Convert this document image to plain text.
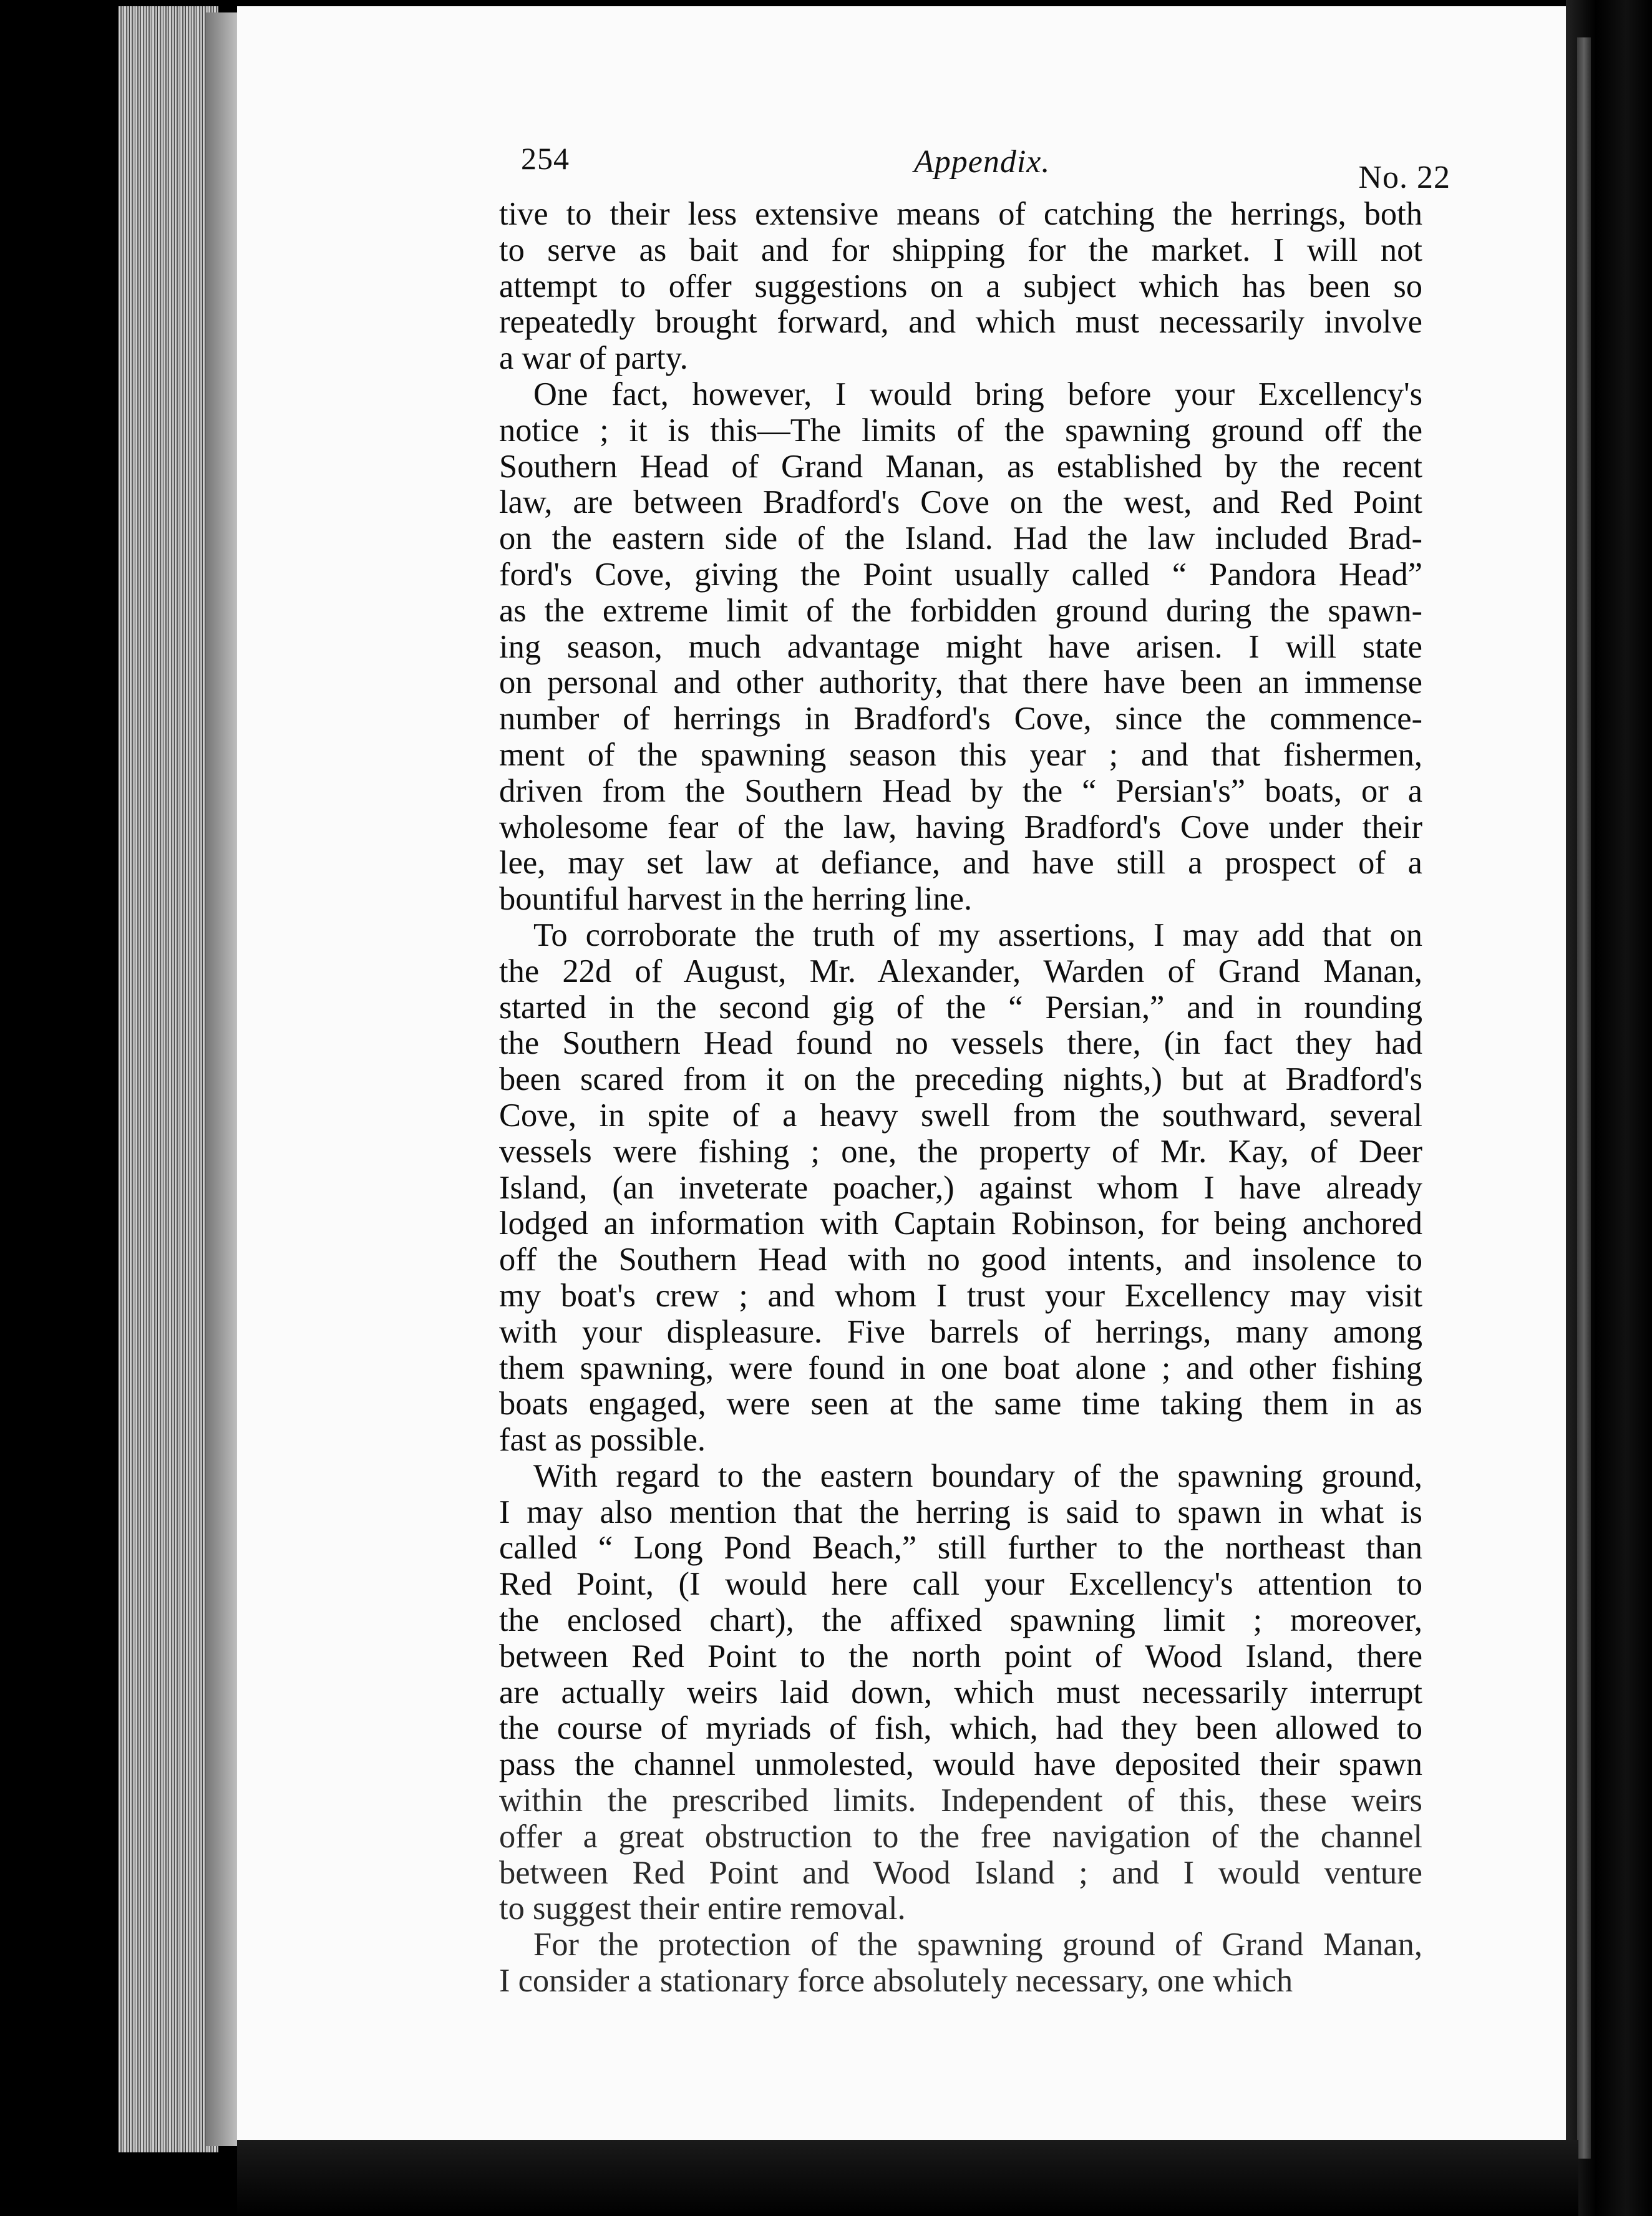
254	Appendix.	No. 22

tive to their less extensive means of catching the herrings, both
to serve as bait and for shipping for the market. I will not
attempt to offer suggestions on a subject which has been so
repeatedly brought forward, and which must necessarily involve
a war of party.

One fact, however, I would bring before your Excellency's
notice ; it is this—The limits of the spawning ground off the
Southern Head of Grand Manan, as established by the recent
law, are between Bradford's Cove on the west, and Red Point
on the eastern side of the Island. Had the law included Brad-
ford's Cove, giving the Point usually called “ Pandora Head”
as the extreme limit of the forbidden ground during the spawn-
ing season, much advantage might have arisen. I will state
on personal and other authority, that there have been an immense
number of herrings in Bradford's Cove, since the commence-
ment of the spawning season this year ; and that fishermen,
driven from the Southern Head by the “ Persian's” boats, or a
wholesome fear of the law, having Bradford's Cove under their
lee, may set law at defiance, and have still a prospect of a
bountiful harvest in the herring line.

To corroborate the truth of my assertions, I may add that on
the 22d of August, Mr. Alexander, Warden of Grand Manan,
started in the second gig of the “ Persian,” and in rounding
the Southern Head found no vessels there, (in fact they had
been scared from it on the preceding nights,) but at Bradford's
Cove, in spite of a heavy swell from the southward, several
vessels were fishing ; one, the property of Mr. Kay, of Deer
Island, (an inveterate poacher,) against whom I have already
lodged an information with Captain Robinson, for being anchored
off the Southern Head with no good intents, and insolence to
my boat's crew ; and whom I trust your Excellency may visit
with your displeasure. Five barrels of herrings, many among
them spawning, were found in one boat alone ; and other fishing
boats engaged, were seen at the same time taking them in as
fast as possible.

With regard to the eastern boundary of the spawning ground,
I may also mention that the herring is said to spawn in what is
called “ Long Pond Beach,” still further to the northeast than
Red Point, (I would here call your Excellency's attention to
the enclosed chart), the affixed spawning limit ; moreover,
between Red Point to the north point of Wood Island, there
are actually weirs laid down, which must necessarily interrupt
the course of myriads of fish, which, had they been allowed to
pass the channel unmolested, would have deposited their spawn
within the prescribed limits. Independent of this, these weirs
offer a great obstruction to the free navigation of the channel
between Red Point and Wood Island ; and I would venture
to suggest their entire removal.

For the protection of the spawning ground of Grand Manan,
I consider a stationary force absolutely necessary, one which
